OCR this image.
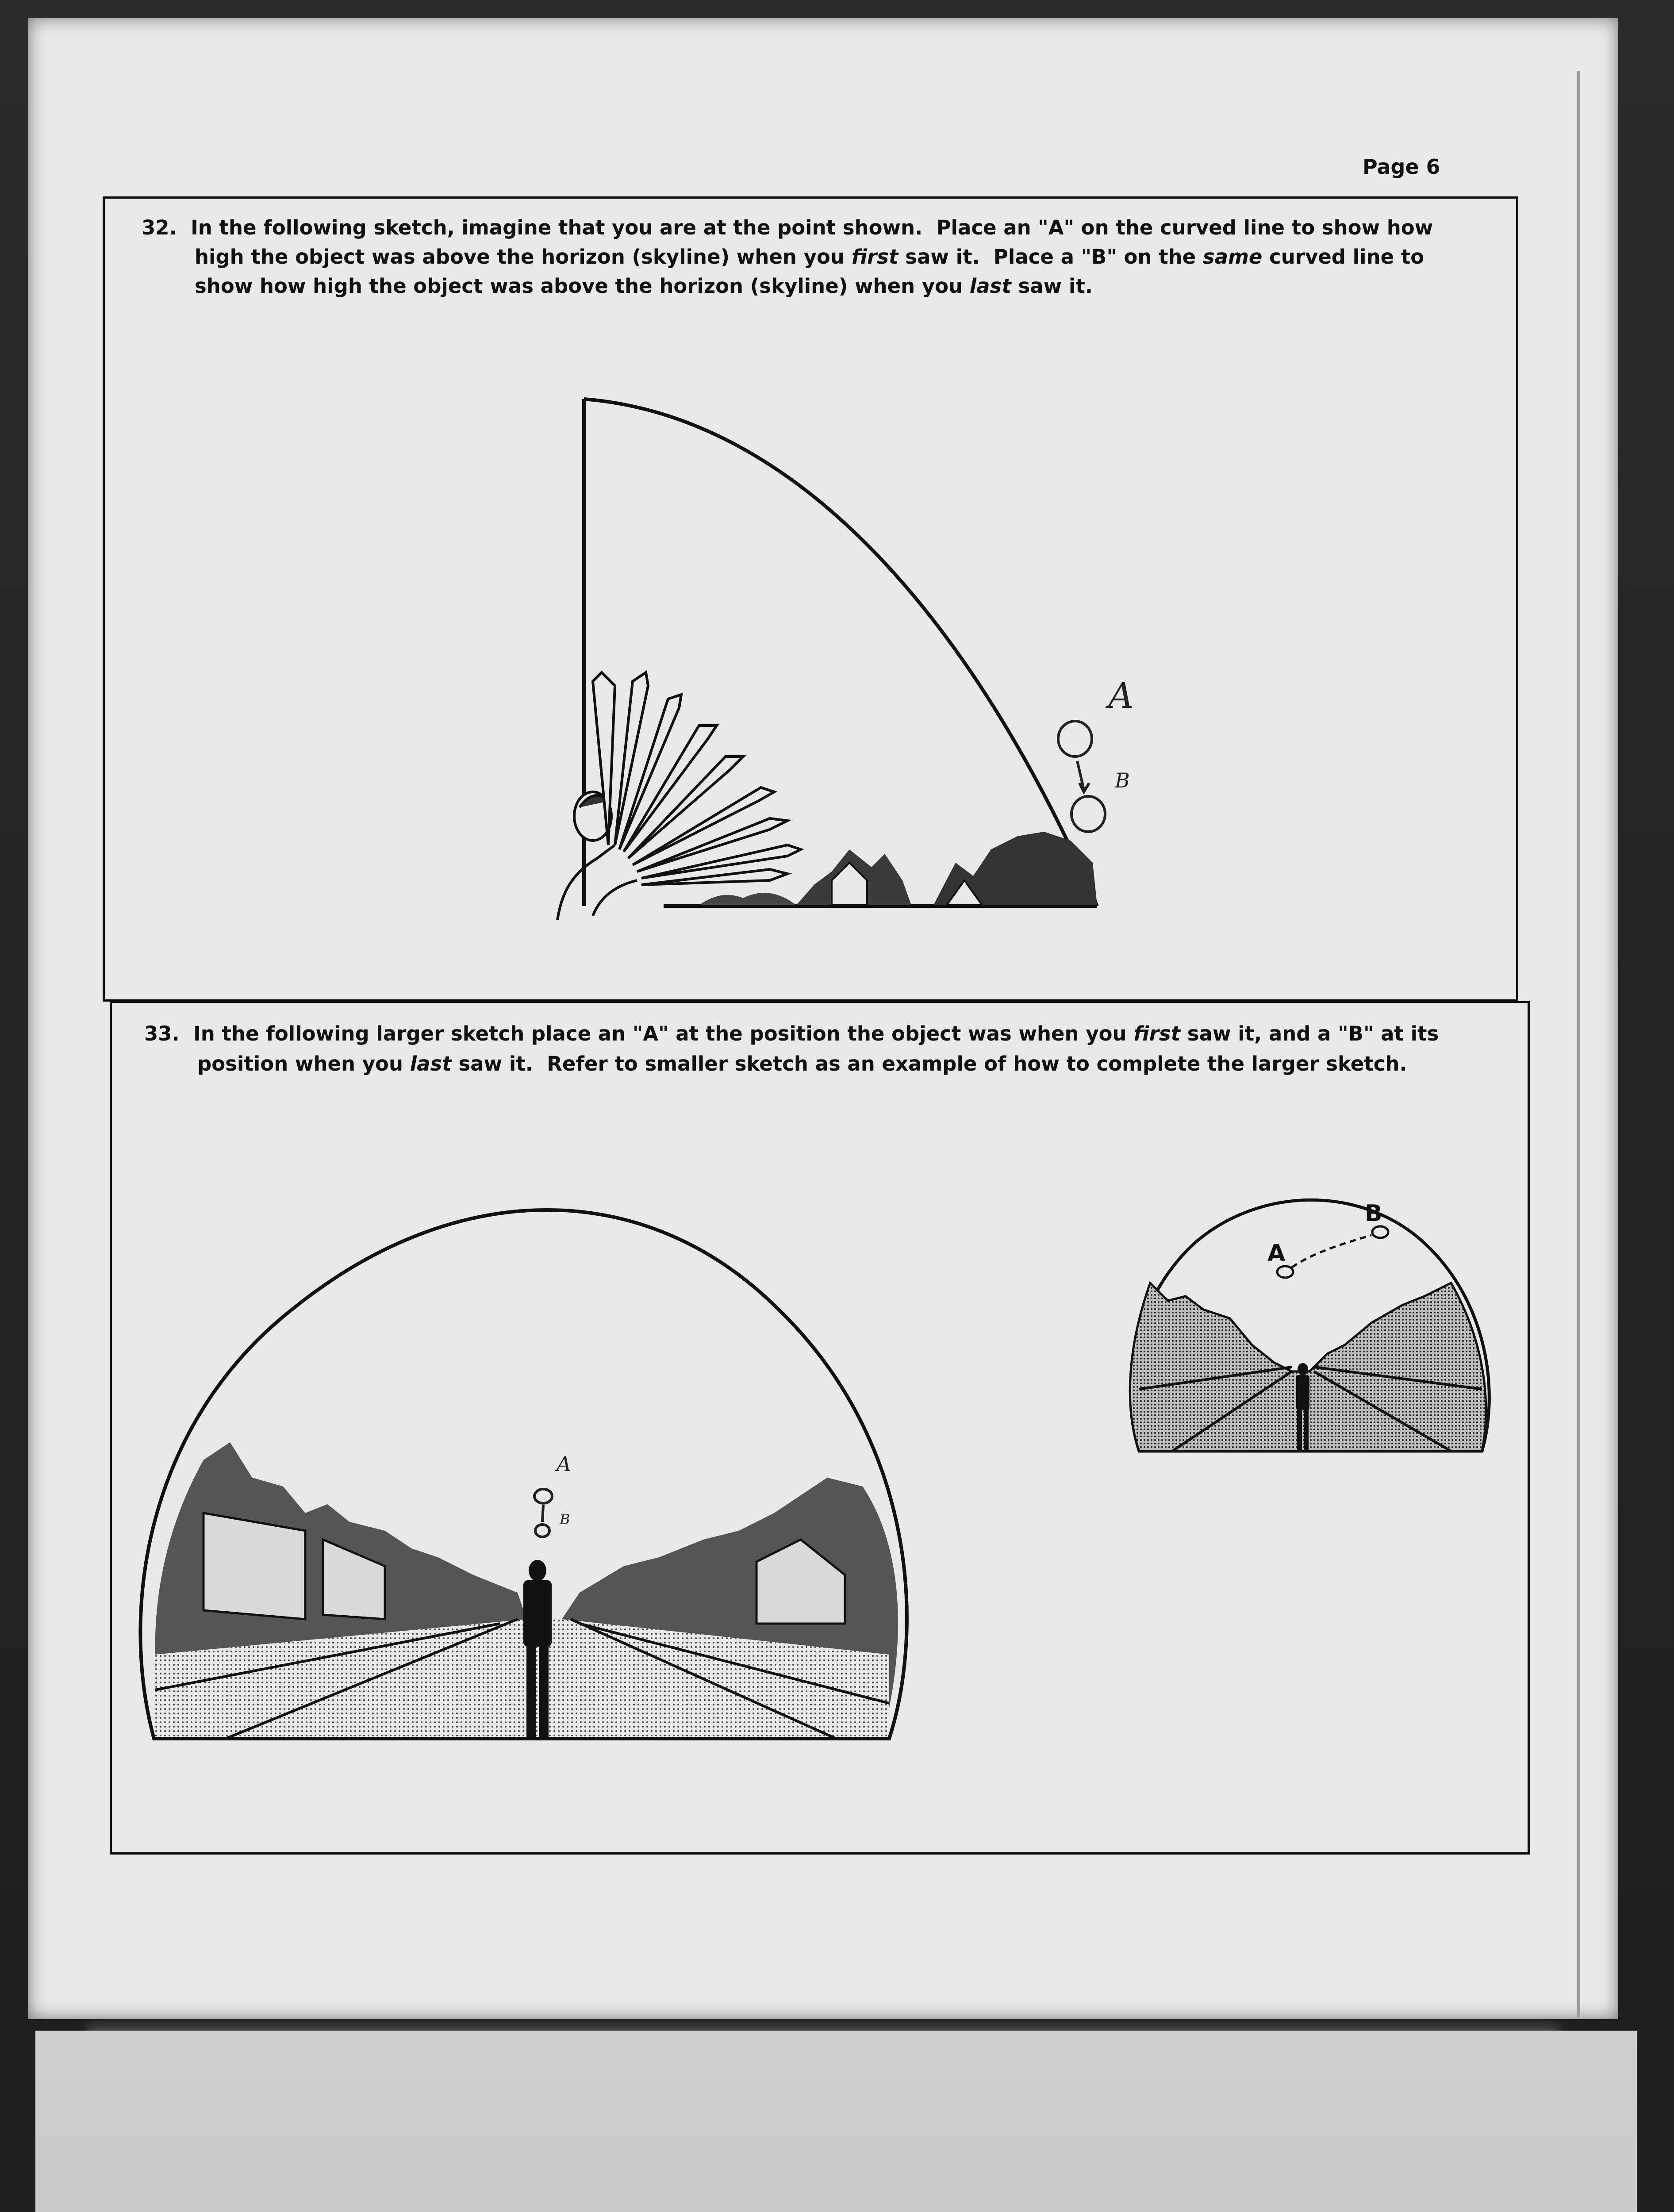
Page 6
32. In the following sketch, imagine that you are at the point shown.  Place an "A" on the curved line to show how
high the object was above the horizon (skyline) when you first saw it.  Place a "B" on the same curved line to
show how high the object was above the horizon (skyline) when you last saw it.
A
B
33. In the following larger sketch place an "A" at the position the object was when you first saw it, and a "B" at its
position when you last saw it.  Refer to smaller sketch as an example of how to complete the larger sketch.
A
B
A
B
